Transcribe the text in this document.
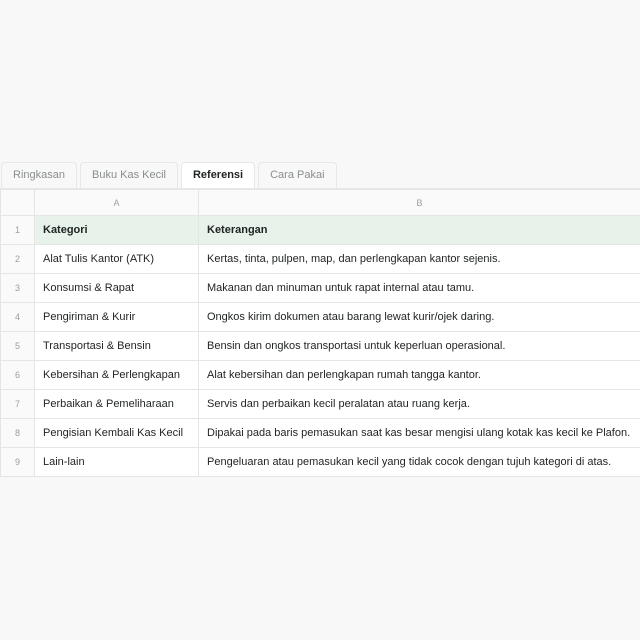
Ringkasan	Buku Kas Kecil	Referensi	Cara Pakai
	A	B
1	Kategori	Keterangan
2	Alat Tulis Kantor (ATK)	Kertas, tinta, pulpen, map, dan perlengkapan kantor sejenis.
3	Konsumsi & Rapat	Makanan dan minuman untuk rapat internal atau tamu.
4	Pengiriman & Kurir	Ongkos kirim dokumen atau barang lewat kurir/ojek daring.
5	Transportasi & Bensin	Bensin dan ongkos transportasi untuk keperluan operasional.
6	Kebersihan & Perlengkapan	Alat kebersihan dan perlengkapan rumah tangga kantor.
7	Perbaikan & Pemeliharaan	Servis dan perbaikan kecil peralatan atau ruang kerja.
8	Pengisian Kembali Kas Kecil	Dipakai pada baris pemasukan saat kas besar mengisi ulang kotak kas kecil ke Plafon.
9	Lain-lain	Pengeluaran atau pemasukan kecil yang tidak cocok dengan tujuh kategori di atas.
